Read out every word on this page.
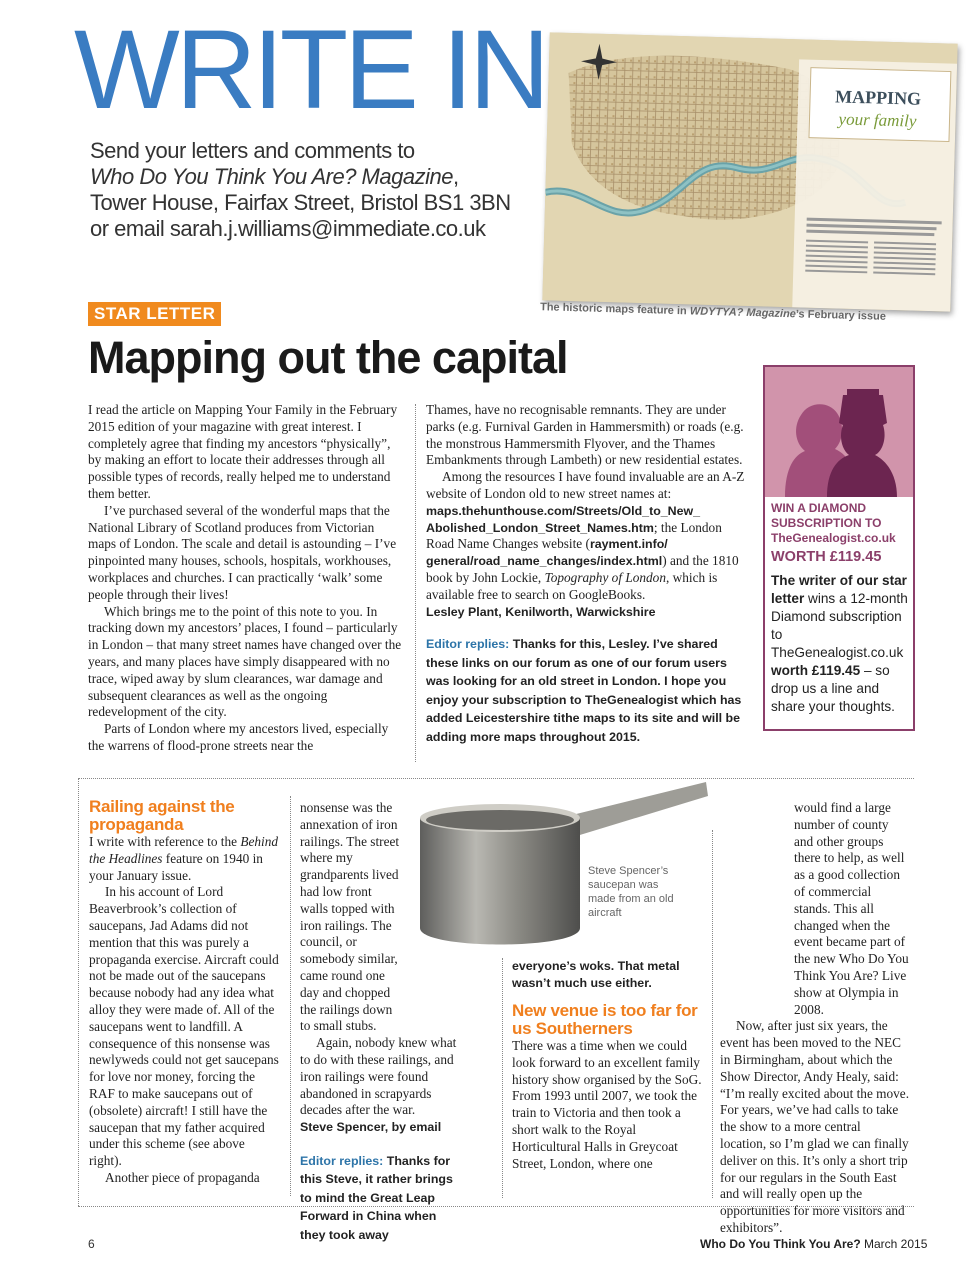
WRITE IN
Send your letters and comments to
Who Do You Think You Are? Magazine,
Tower House, Fairfax Street, Bristol BS1 3BN
or email sarah.j.williams@immediate.co.uk
MAPPING
your family
The historic maps feature in WDYTYA? Magazine’s February issue
STAR LETTER
Mapping out the capital

I read the article on Mapping Your Family in the February 2015 edition of your magazine with great interest. I completely agree that finding my ancestors “physically”, by making an effort to locate their addresses through all possible types of records, really helped me to understand them better.

I’ve purchased several of the wonderful maps that the National Library of Scotland produces from Victorian maps of London. The scale and detail is astounding – I’ve pinpointed many houses, schools, hospitals, workhouses, workplaces and churches. I can practically ‘walk’ some people through their lives!

Which brings me to the point of this note to you. In tracking down my ancestors’ places, I found – particularly in London – that many street names have changed over the years, and many places have simply disappeared with no trace, wiped away by slum clearances, war damage and subsequent clearances as well as the ongoing redevelopment of the city.

Parts of London where my ancestors lived, especially the warrens of flood-prone streets near the

Thames, have no recognisable remnants. They are under parks (e.g. Furnival Garden in Hammersmith) or roads (e.g. the monstrous Hammersmith Flyover, and the Thames Embankments through Lambeth) or new residential estates.

Among the resources I have found invaluable are an A-Z website of London old to new street names at: maps.thehunthouse.com/Streets/Old_to_New_ Abolished_London_Street_Names.htm; the London Road Name Changes website (rayment.info/ general/road_name_changes/index.html) and the 1810 book by John Lockie, Topography of London, which is available free to search on GoogleBooks.

Lesley Plant, Kenilworth, Warwickshire

Editor replies: Thanks for this, Lesley. I’ve shared these links on our forum as one of our forum users was looking for an old street in London. I hope you enjoy your subscription to TheGenealogist which has added Leicestershire tithe maps to its site and will be adding more maps throughout 2015.

WIN A DIAMOND
SUBSCRIPTION TO
TheGenealogist.co.uk
WORTH £119.45
The writer of our star letter wins a 12-month Diamond subscription to TheGenealogist.co.uk worth £119.45 – so drop us a line and share your thoughts.
Railing against the propaganda

I write with reference to the Behind the Headlines feature on 1940 in your January issue.

In his account of Lord Beaverbrook’s collection of saucepans, Jad Adams did not mention that this was purely a propaganda exercise. Aircraft could not be made out of the saucepans because nobody had any idea what alloy they were made of. All of the saucepans went to landfill. A consequence of this nonsense was newlyweds could not get saucepans for love nor money, forcing the RAF to make saucepans out of (obsolete) aircraft! I still have the saucepan that my father acquired under this scheme (see above right).

Another piece of propaganda

Steve Spencer’s saucepan was made from an old aircraft

nonsense was the annexation of iron railings. The street where my grandparents lived had low front walls topped with iron railings. The council, or somebody similar, came round one day and chopped the railings down to small stubs.

Again, nobody knew what to do with these railings, and iron railings were found abandoned in scrapyards decades after the war.

Steve Spencer, by email

Editor replies: Thanks for this Steve, it rather brings to mind the Great Leap Forward in China when they took away

everyone’s woks. That metal wasn’t much use either.

New venue is too far for us Southerners

There was a time when we could look forward to an excellent family history show organised by the SoG. From 1993 until 2007, we took the train to Victoria and then took a short walk to the Royal Horticultural Halls in Greycoat Street, London, where one

would find a large number of county and other groups there to help, as well as a good collection of commercial stands. This all changed when the event became part of the new Who Do You Think You Are? Live show at Olympia in 2008.

Now, after just six years, the event has been moved to the NEC in Birmingham, about which the Show Director, Andy Healy, said: “I’m really excited about the move. For years, we’ve had calls to take the show to a more central location, so I’m glad we can finally deliver on this. It’s only a short trip for our regulars in the South East and will really open up the opportunities for more visitors and exhibitors”.

6	Who Do You Think You Are? March 2015
